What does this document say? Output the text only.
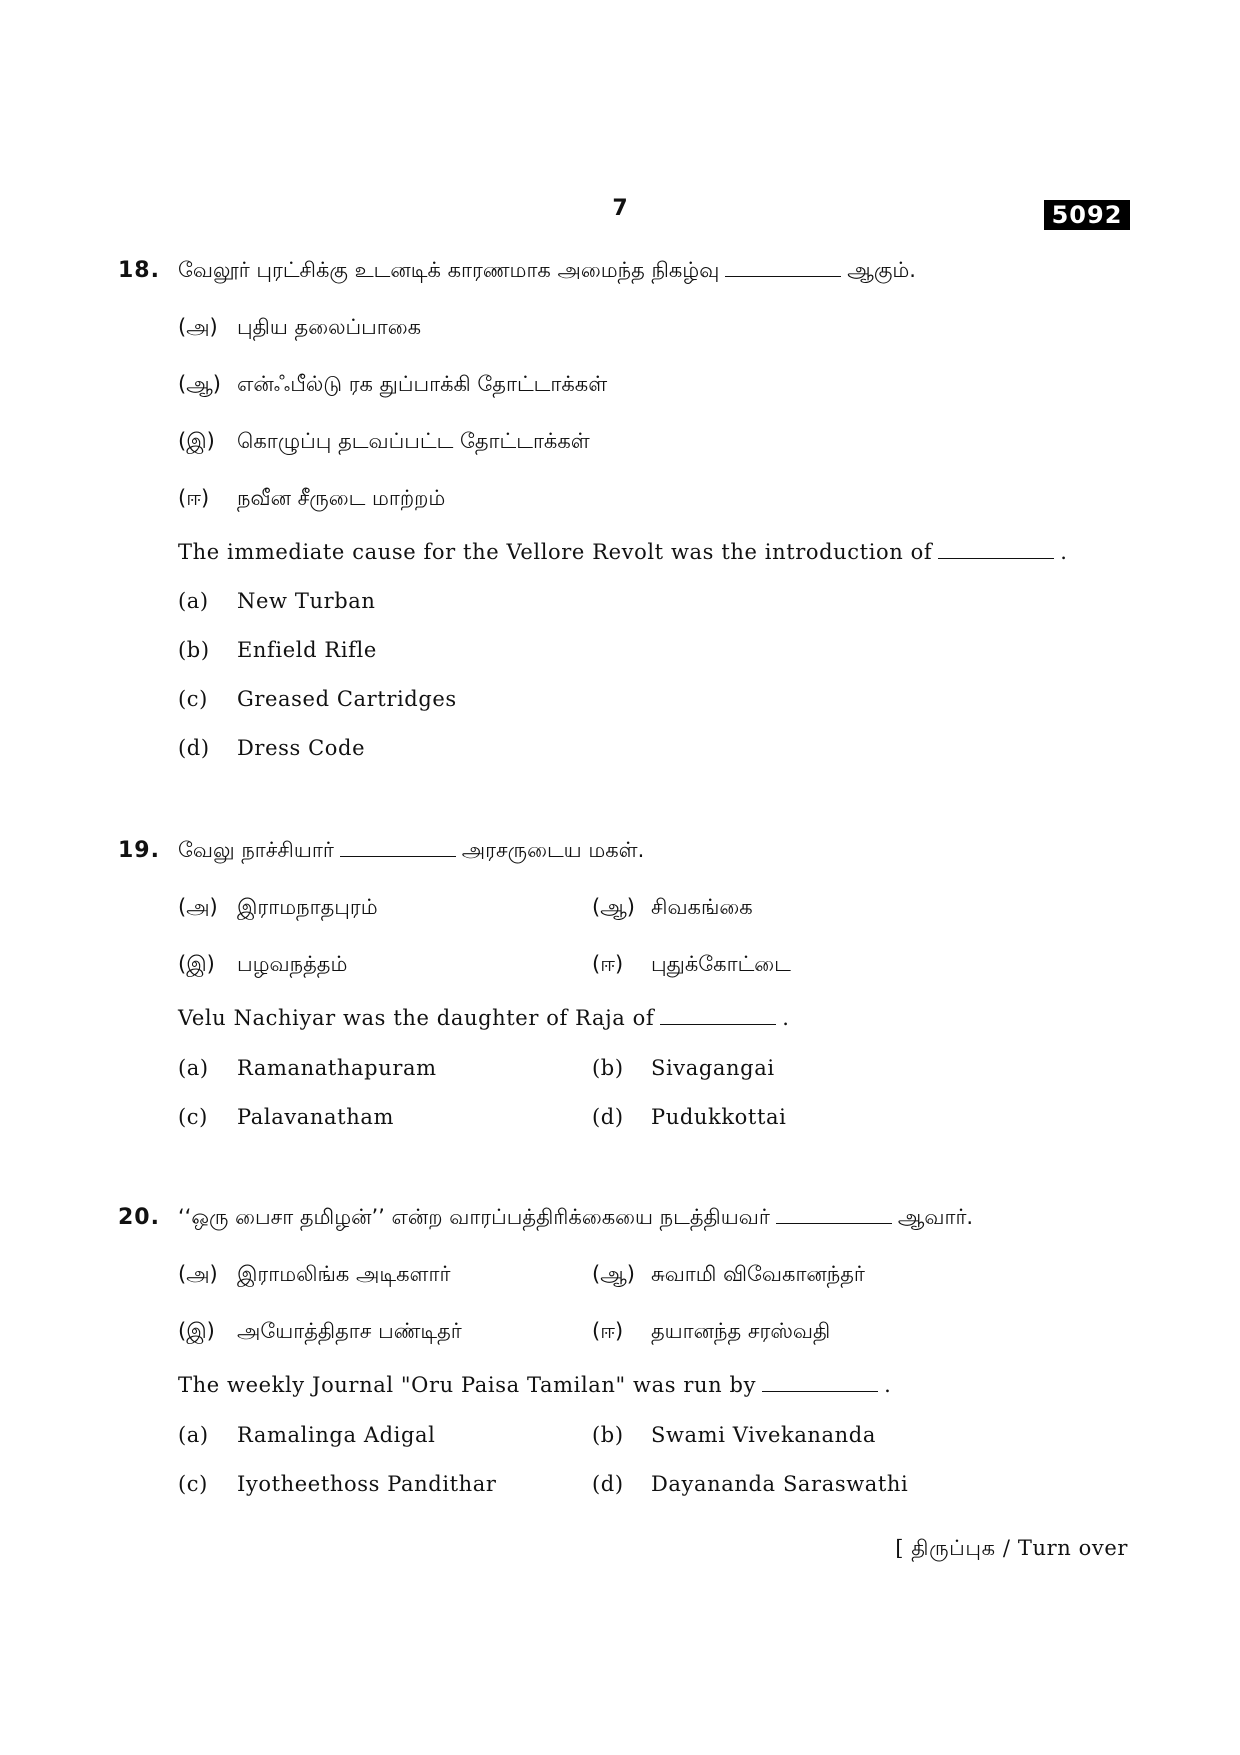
7	5092
18. வேலூர் புரட்சிக்கு உடனடிக் காரணமாக அமைந்த நிகழ்வு	ஆகும்.
(அ) புதிய தலைப்பாகை
(ஆ) என்ஃபீல்டு ரக துப்பாக்கி தோட்டாக்கள்
(இ) கொழுப்பு தடவப்பட்ட தோட்டாக்கள்
(ஈ) நவீன சீருடை மாற்றம்
The immediate cause for the Vellore Revolt was the introduction of	.
(a) New Turban
(b) Enfield Rifle
(c) Greased Cartridges
(d) Dress Code
19. வேலு நாச்சியார்	அரசருடைய மகள்.
(அ) இராமநாதபுரம்	(ஆ) சிவகங்கை
(இ) பழவநத்தம்	(ஈ) புதுக்கோட்டை
Velu Nachiyar was the daughter of Raja of	.
(a) Ramanathapuram	(b) Sivagangai
(c) Palavanatham	(d) Pudukkottai
20. ‘‘ஒரு பைசா தமிழன்’’ என்ற வாரப்பத்திரிக்கையை நடத்தியவர்	ஆவார்.
(அ) இராமலிங்க அடிகளார்	(ஆ) சுவாமி விவேகானந்தர்
(இ) அயோத்திதாச பண்டிதர்	(ஈ) தயானந்த சரஸ்வதி
The weekly Journal "Oru Paisa Tamilan" was run by	.
(a) Ramalinga Adigal	(b) Swami Vivekananda
(c) Iyotheethoss Pandithar	(d) Dayananda Saraswathi
[ திருப்புக / Turn over
